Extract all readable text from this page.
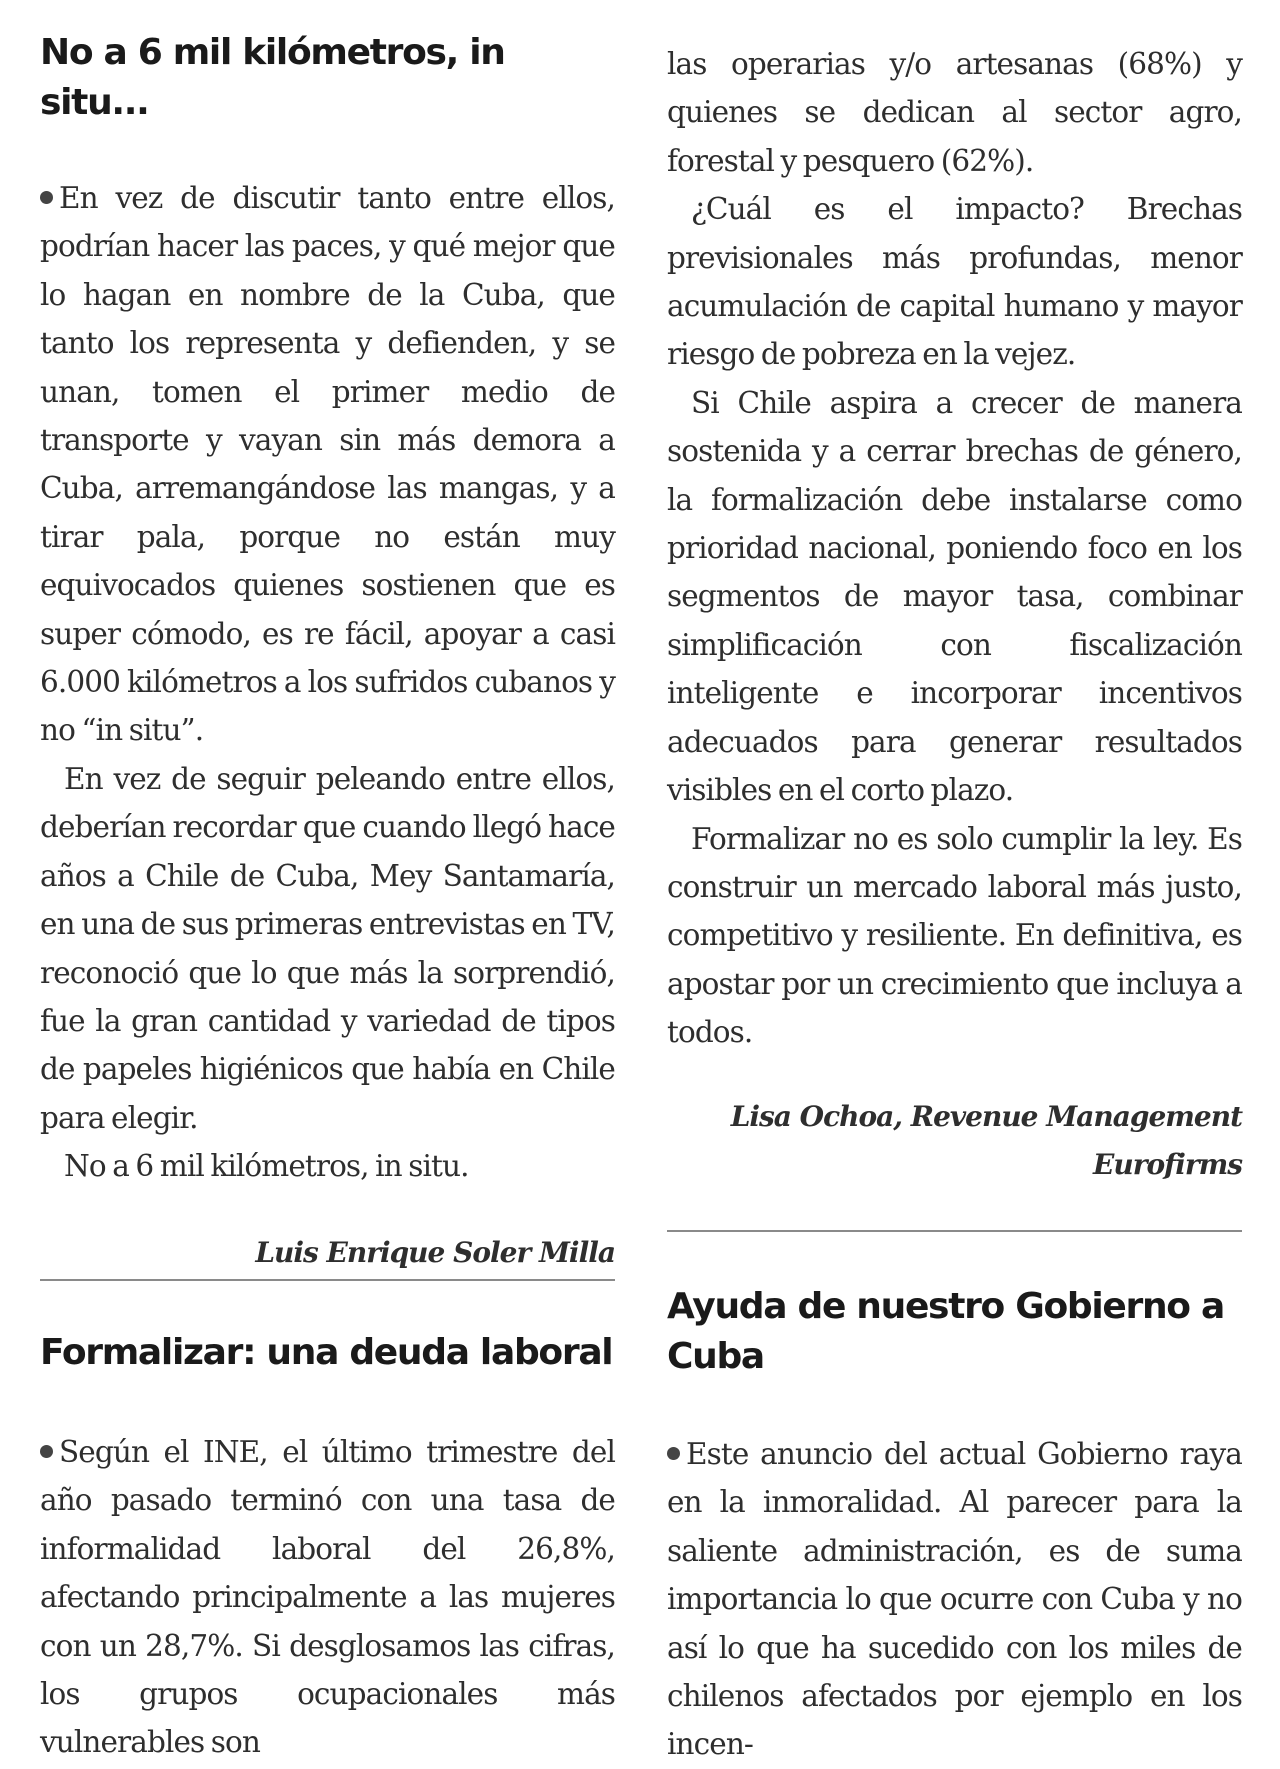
No a 6 mil kilómetros, in situ...

En vez de discutir tanto entre ellos, podrían hacer las paces, y qué mejor que lo hagan en nombre de la Cuba, que tanto los representa y defienden, y se unan, tomen el primer medio de transporte y vayan sin más demora a Cuba, arremangándose las mangas, y a tirar pala, porque no están muy equivocados quienes sostienen que es super cómodo, es re fácil, apoyar a casi 6.000 kilómetros a los sufridos cubanos y no “in situ”.

En vez de seguir peleando entre ellos, deberían recordar que cuando llegó hace años a Chile de Cuba, Mey Santamaría, en una de sus primeras entrevistas en TV, reconoció que lo que más la sorprendió, fue la gran cantidad y variedad de tipos de papeles higiénicos que había en Chile para elegir.

No a 6 mil kilómetros, in situ.

Luis Enrique Soler Milla

Formalizar: una deuda laboral

Según el INE, el último trimestre del año pasado terminó con una tasa de informalidad laboral del 26,8%, afectando principalmente a las mujeres con un 28,7%. Si desglosamos las cifras, los grupos ocupacionales más vulnerables son

las operarias y/o artesanas (68%) y quienes se dedican al sector agro, forestal y pesquero (62%).

¿Cuál es el impacto? Brechas previsionales más profundas, menor acumulación de capital humano y mayor riesgo de pobreza en la vejez.

Si Chile aspira a crecer de manera sostenida y a cerrar brechas de género, la formalización debe instalarse como prioridad nacional, poniendo foco en los segmentos de mayor tasa, combinar simplificación con fiscalización inteligente e incorporar incentivos adecuados para generar resultados visibles en el corto plazo.

Formalizar no es solo cumplir la ley. Es construir un mercado laboral más justo, competitivo y resiliente. En definitiva, es apostar por un crecimiento que incluya a todos.

Lisa Ochoa, Revenue Management

Eurofirms

Ayuda de nuestro Gobierno a Cuba

Este anuncio del actual Gobierno raya en la inmoralidad. Al parecer para la saliente administración, es de suma importancia lo que ocurre con Cuba y no así lo que ha sucedido con los miles de chilenos afectados por ejemplo en los incen-
